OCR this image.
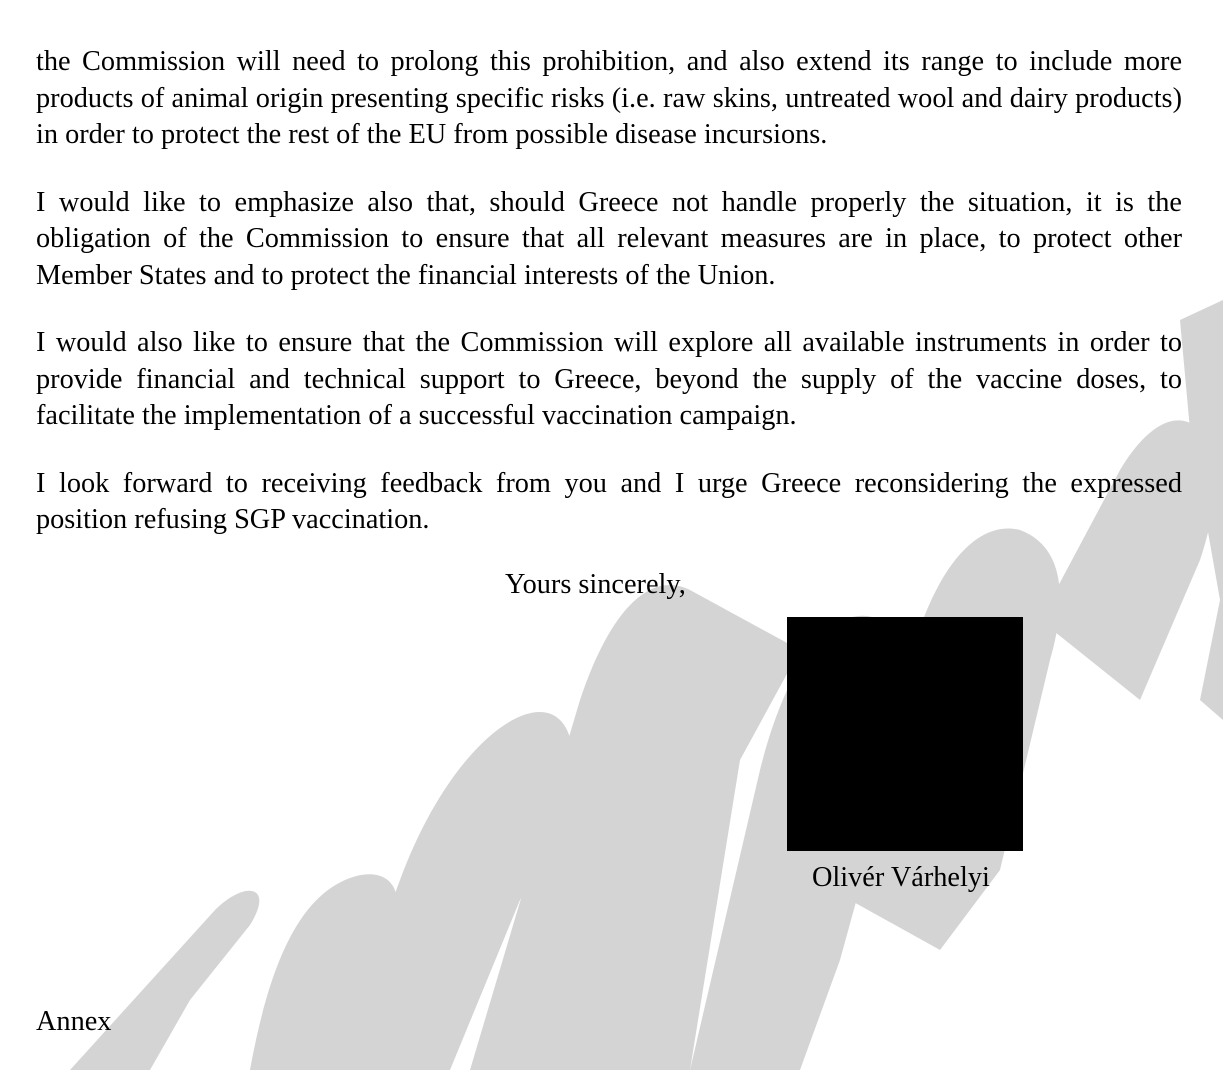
the Commission will need to prolong this prohibition, and also extend its range to include more products of animal origin presenting specific risks (i.e. raw skins, untreated wool and dairy products) in order to protect the rest of the EU from possible disease incursions.

I would like to emphasize also that, should Greece not handle properly the situation, it is the obligation of the Commission to ensure that all relevant measures are in place, to protect other Member States and to protect the financial interests of the Union.

I would also like to ensure that the Commission will explore all available instruments in order to provide financial and technical support to Greece, beyond the supply of the vaccine doses, to facilitate the implementation of a successful vaccination campaign.

I look forward to receiving feedback from you and I urge Greece reconsidering the expressed position refusing SGP vaccination.

Yours sincerely,
Olivér Várhelyi
Annex
